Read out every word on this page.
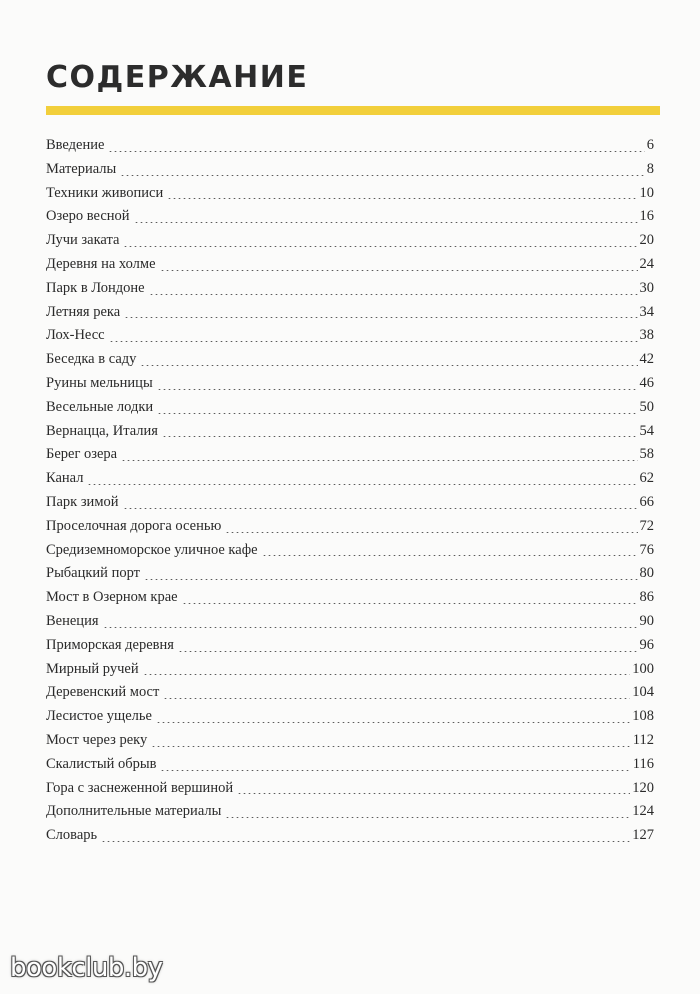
СОДЕРЖАНИЕ
Введение	6
Материалы	8
Техники живописи	10
Озеро весной	16
Лучи заката	20
Деревня на холме	24
Парк в Лондоне	30
Летняя река	34
Лох-Несс	38
Беседка в саду	42
Руины мельницы	46
Весельные лодки	50
Вернацца, Италия	54
Берег озера	58
Канал	62
Парк зимой	66
Проселочная дорога осенью	72
Средиземноморское уличное кафе	76
Рыбацкий порт	80
Мост в Озерном крае	86
Венеция	90
Приморская деревня	96
Мирный ручей	100
Деревенский мост	104
Лесистое ущелье	108
Мост через реку	112
Скалистый обрыв	116
Гора с заснеженной вершиной	120
Дополнительные материалы	124
Словарь	127
bookclub.by
